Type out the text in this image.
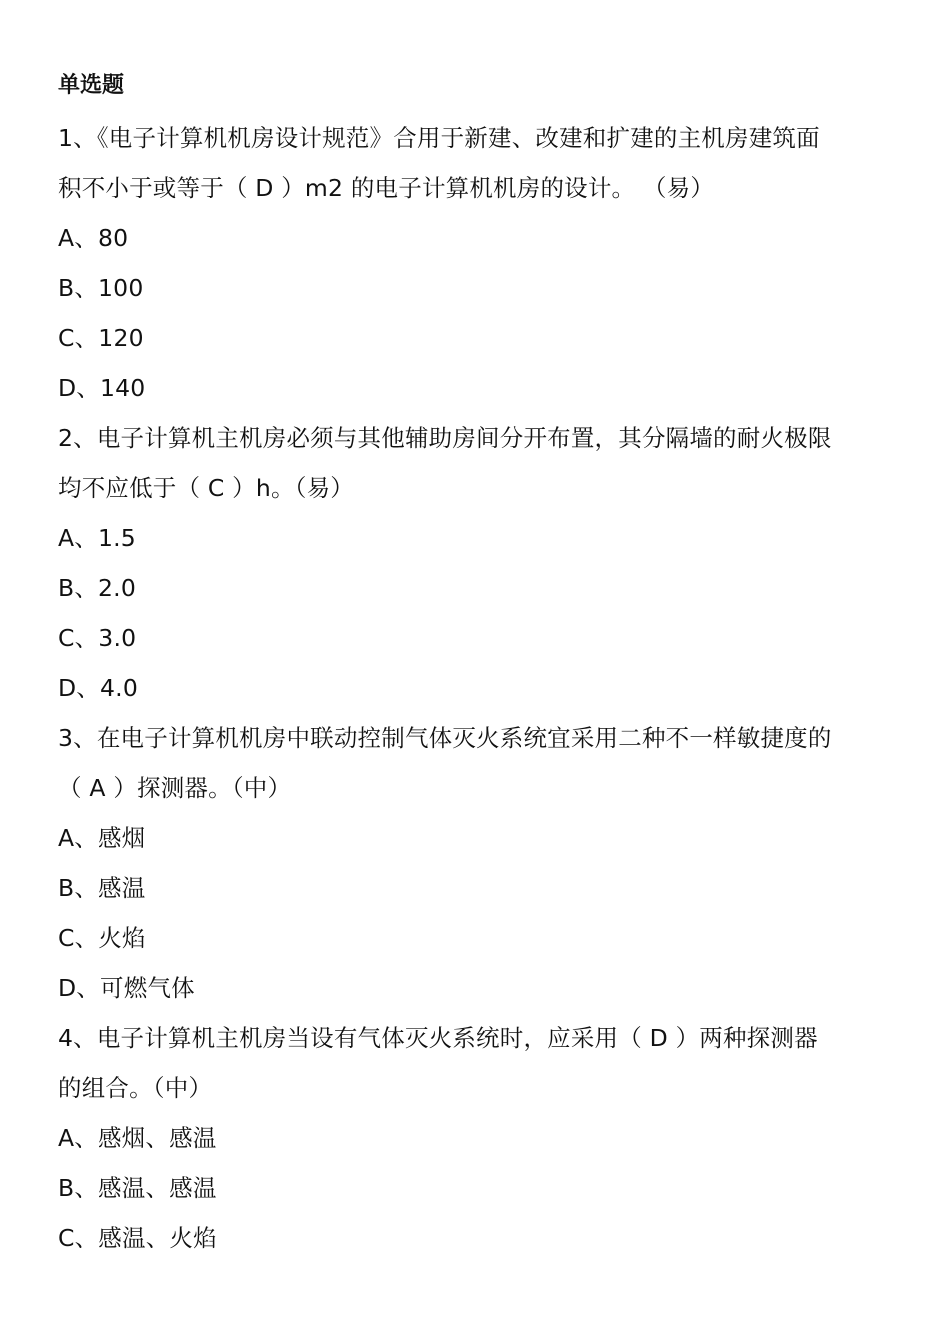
单选题
1、《电子计算机机房设计规范》合用于新建、改建和扩建的主机房建筑面
积不小于或等于（ D ）m2 的电子计算机机房的设计。 （易）
A、80
B、100
C、120
D、140
2、电子计算机主机房必须与其他辅助房间分开布置，其分隔墙的耐火极限
均不应低于（ C ）h。（易）
A、1.5
B、2.0
C、3.0
D、4.0
3、在电子计算机机房中联动控制气体灭火系统宜采用二种不一样敏捷度的
（ A ）探测器。（中）
A、感烟
B、感温
C、火焰
D、可燃气体
4、电子计算机主机房当设有气体灭火系统时，应采用（ D ）两种探测器
的组合。（中）
A、感烟、感温
B、感温、感温
C、感温、火焰
